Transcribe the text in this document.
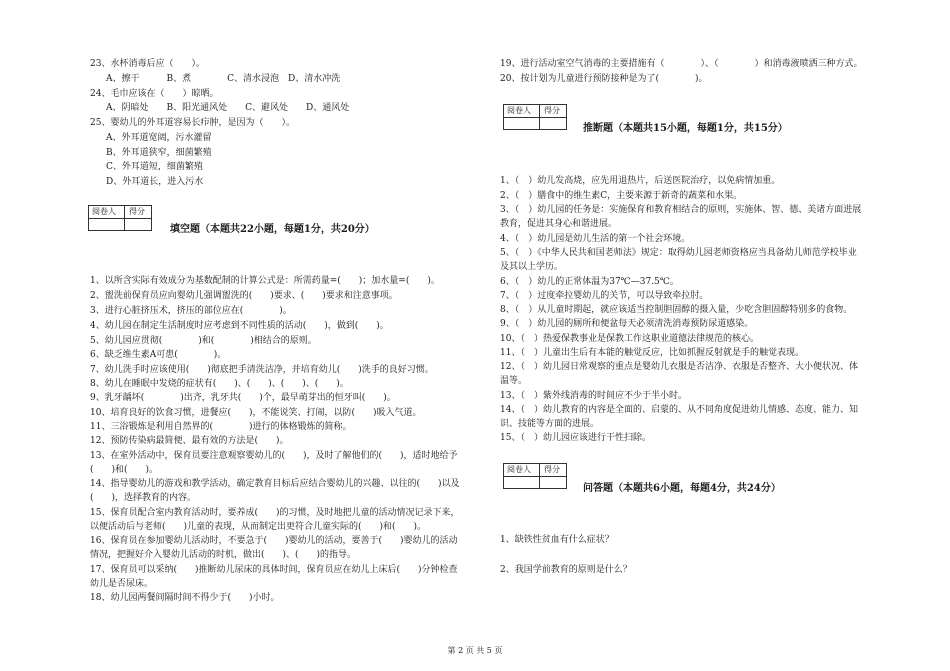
23、水杯消毒后应（　　）。
A、擦干　　　B、煮　　　　C、清水浸泡　D、清水冲洗
24、毛巾应该在（　　）晾晒。
A、阴暗处　　B、阳光通风处　　C、避风处　　D、通风处
25、婴幼儿的外耳道容易长疖肿，是因为（　　）。
A、外耳道宽阔，污水灌留
B、外耳道狭窄，细菌繁殖
C、外耳道短，细菌繁殖
D、外耳道长，进入污水
阅卷人 得分
填空题（本题共22小题，每题1分，共20分）
1、以所含实际有效成分为基数配制的计算公式是：所需药量=(　　)；加水量=(　　)。
2、盥洗前保育员应向婴幼儿强调盥洗的(　　)要求、(　　)要求和注意事项。
3、进行心脏挤压术，挤压的部位应在(　　　　)。
4、幼儿园在制定生活制度时应考虑到不同性质的活动(　　)，做到(　　)。
5、幼儿园应贯彻(　　　　)和(　　　　)相结合的原则。
6、缺乏维生素A可患(　　　　)。
7、幼儿洗手时应该使用(　　)彻底把手清洗洁净，并培育幼儿(　　)洗手的良好习惯。
8、幼儿在睡眠中发烧的症状有(　　)、(　　)、(　　)、(　　)。
9、乳牙龋坏(　　　　)出齐，乳牙共(　　)个，最早萌芽出的恒牙叫(　　)。
10、培育良好的饮食习惯，进餐应(　　)，不能说笑、打闹，以防(　　)吸入气道。
11、三浴锻炼是利用自然界的(　　　　)进行的体格锻炼的简称。
12、预防传染病最简便、最有效的方法是(　　)。
13、在室外活动中，保育员要注意观察婴幼儿的(　　)，及时了解他们的(　　)，适时地给予
(　　)和(　　)。
14、指导婴幼儿的游戏和教学活动，确定教育目标后应结合婴幼儿的兴趣、以往的(　　)以及
(　　)，选择教育的内容。
15、保育员配合室内教育活动时，要养成(　　)的习惯，及时地把儿童的活动情况记录下来，
以便活动后与老师(　　)儿童的表现，从而制定出更符合儿童实际的(　　)和(　　)。
16、保育员在参加婴幼儿活动时，不要急于(　　)婴幼儿的活动，要善于(　　)婴幼儿的活动
情况，把握好介入婴幼儿活动的时机，做出(　　)、(　　)的指导。
17、保育员可以采纳(　　)推断幼儿尿床的具体时间，保育员应在幼儿上床后(　　)分钟检查
幼儿是否尿床。
18、幼儿园两餐间隔时间不得少于(　　)小时。
19、进行活动室空气消毒的主要措施有（　　　　）、（　　　　）和消毒液喷洒三种方式。
20、按计划为儿童进行预防接种是为了(　　　　)。
阅卷人 得分
推断题（本题共15小题，每题1分，共15分）
1、（　）幼儿发高烧，应先用退热片，后送医院治疗，以免病情加重。
2、（　）膳食中的维生素C，主要来源于新奇的蔬菜和水果。
3、（　）幼儿园的任务是：实施保育和教育相结合的原则，实施体、智、德、美诸方面进展
教育，促进其身心和谐进展。
4、（　）幼儿园是幼儿生活的第一个社会环境。
5、（　）《中华人民共和国老师法》规定：取得幼儿园老师资格应当具备幼儿师范学校毕业
及其以上学历。
6、（　）幼儿的正常体温为37℃—37.5℃。
7、（　）过度牵拉婴幼儿的关节，可以导致牵拉肘。
8、（　）从儿童时期起，就应该适当控制胆固醇的摄入量，少吃含胆固醇特别多的食物。
9、（　）幼儿园的厕所和便盆每天必须清洗消毒预防尿道感染。
10、（　）热爱保教事业是保教工作这职业道德法律规范的核心。
11、（　）儿童出生后有本能的触觉反应，比如抓握反射就是手的触觉表现。
12、（　）幼儿园日常观察的重点是婴幼儿衣服是否洁净、衣服是否整齐、大小便状况、体
温等。
13、（　）紫外线消毒的时间应不少于半小时。
14、（　）幼儿教育的内容是全面的、启蒙的、从不同角度促进幼儿情感、态度、能力、知
识、技能等方面的进展。
15、（　）幼儿园应该进行干性扫除。
阅卷人 得分
问答题（本题共6小题，每题4分，共24分）
1、缺铁性贫血有什么症状？
2、我国学前教育的原则是什么？
第 2 页 共 5 页
